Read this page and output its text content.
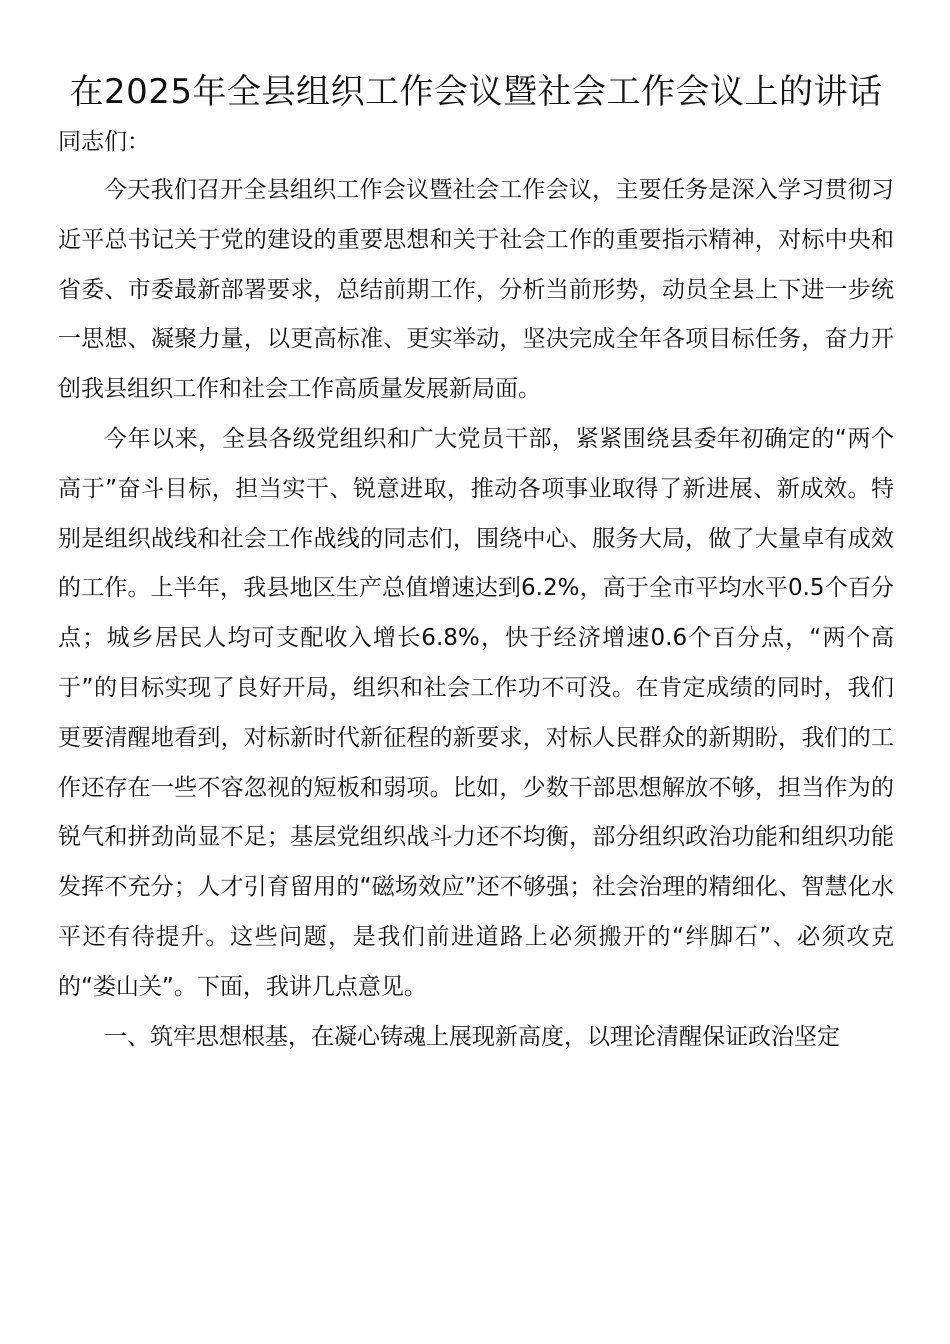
在2025年全县组织工作会议暨社会工作会议上的讲话

同志们：

今天我们召开全县组织工作会议暨社会工作会议，主要任务是深入学习贯彻习近平总书记关于党的建设的重要思想和关于社会工作的重要指示精神，对标中央和省委、市委最新部署要求，总结前期工作，分析当前形势，动员全县上下进一步统一思想、凝聚力量，以更高标准、更实举动，坚决完成全年各项目标任务，奋力开创我县组织工作和社会工作高质量发展新局面。

今年以来，全县各级党组织和广大党员干部，紧紧围绕县委年初确定的“两个高于”奋斗目标，担当实干、锐意进取，推动各项事业取得了新进展、新成效。特别是组织战线和社会工作战线的同志们，围绕中心、服务大局，做了大量卓有成效的工作。上半年，我县地区生产总值增速达到6.2%，高于全市平均水平0.5个百分点；城乡居民人均可支配收入增长6.8%，快于经济增速0.6个百分点，“两个高于”的目标实现了良好开局，组织和社会工作功不可没。在肯定成绩的同时，我们更要清醒地看到，对标新时代新征程的新要求，对标人民群众的新期盼，我们的工作还存在一些不容忽视的短板和弱项。比如，少数干部思想解放不够，担当作为的锐气和拼劲尚显不足；基层党组织战斗力还不均衡，部分组织政治功能和组织功能发挥不充分；人才引育留用的“磁场效应”还不够强；社会治理的精细化、智慧化水平还有待提升。这些问题，是我们前进道路上必须搬开的“绊脚石”、必须攻克的“娄山关”。下面，我讲几点意见。

一、筑牢思想根基，在凝心铸魂上展现新高度，以理论清醒保证政治坚定
